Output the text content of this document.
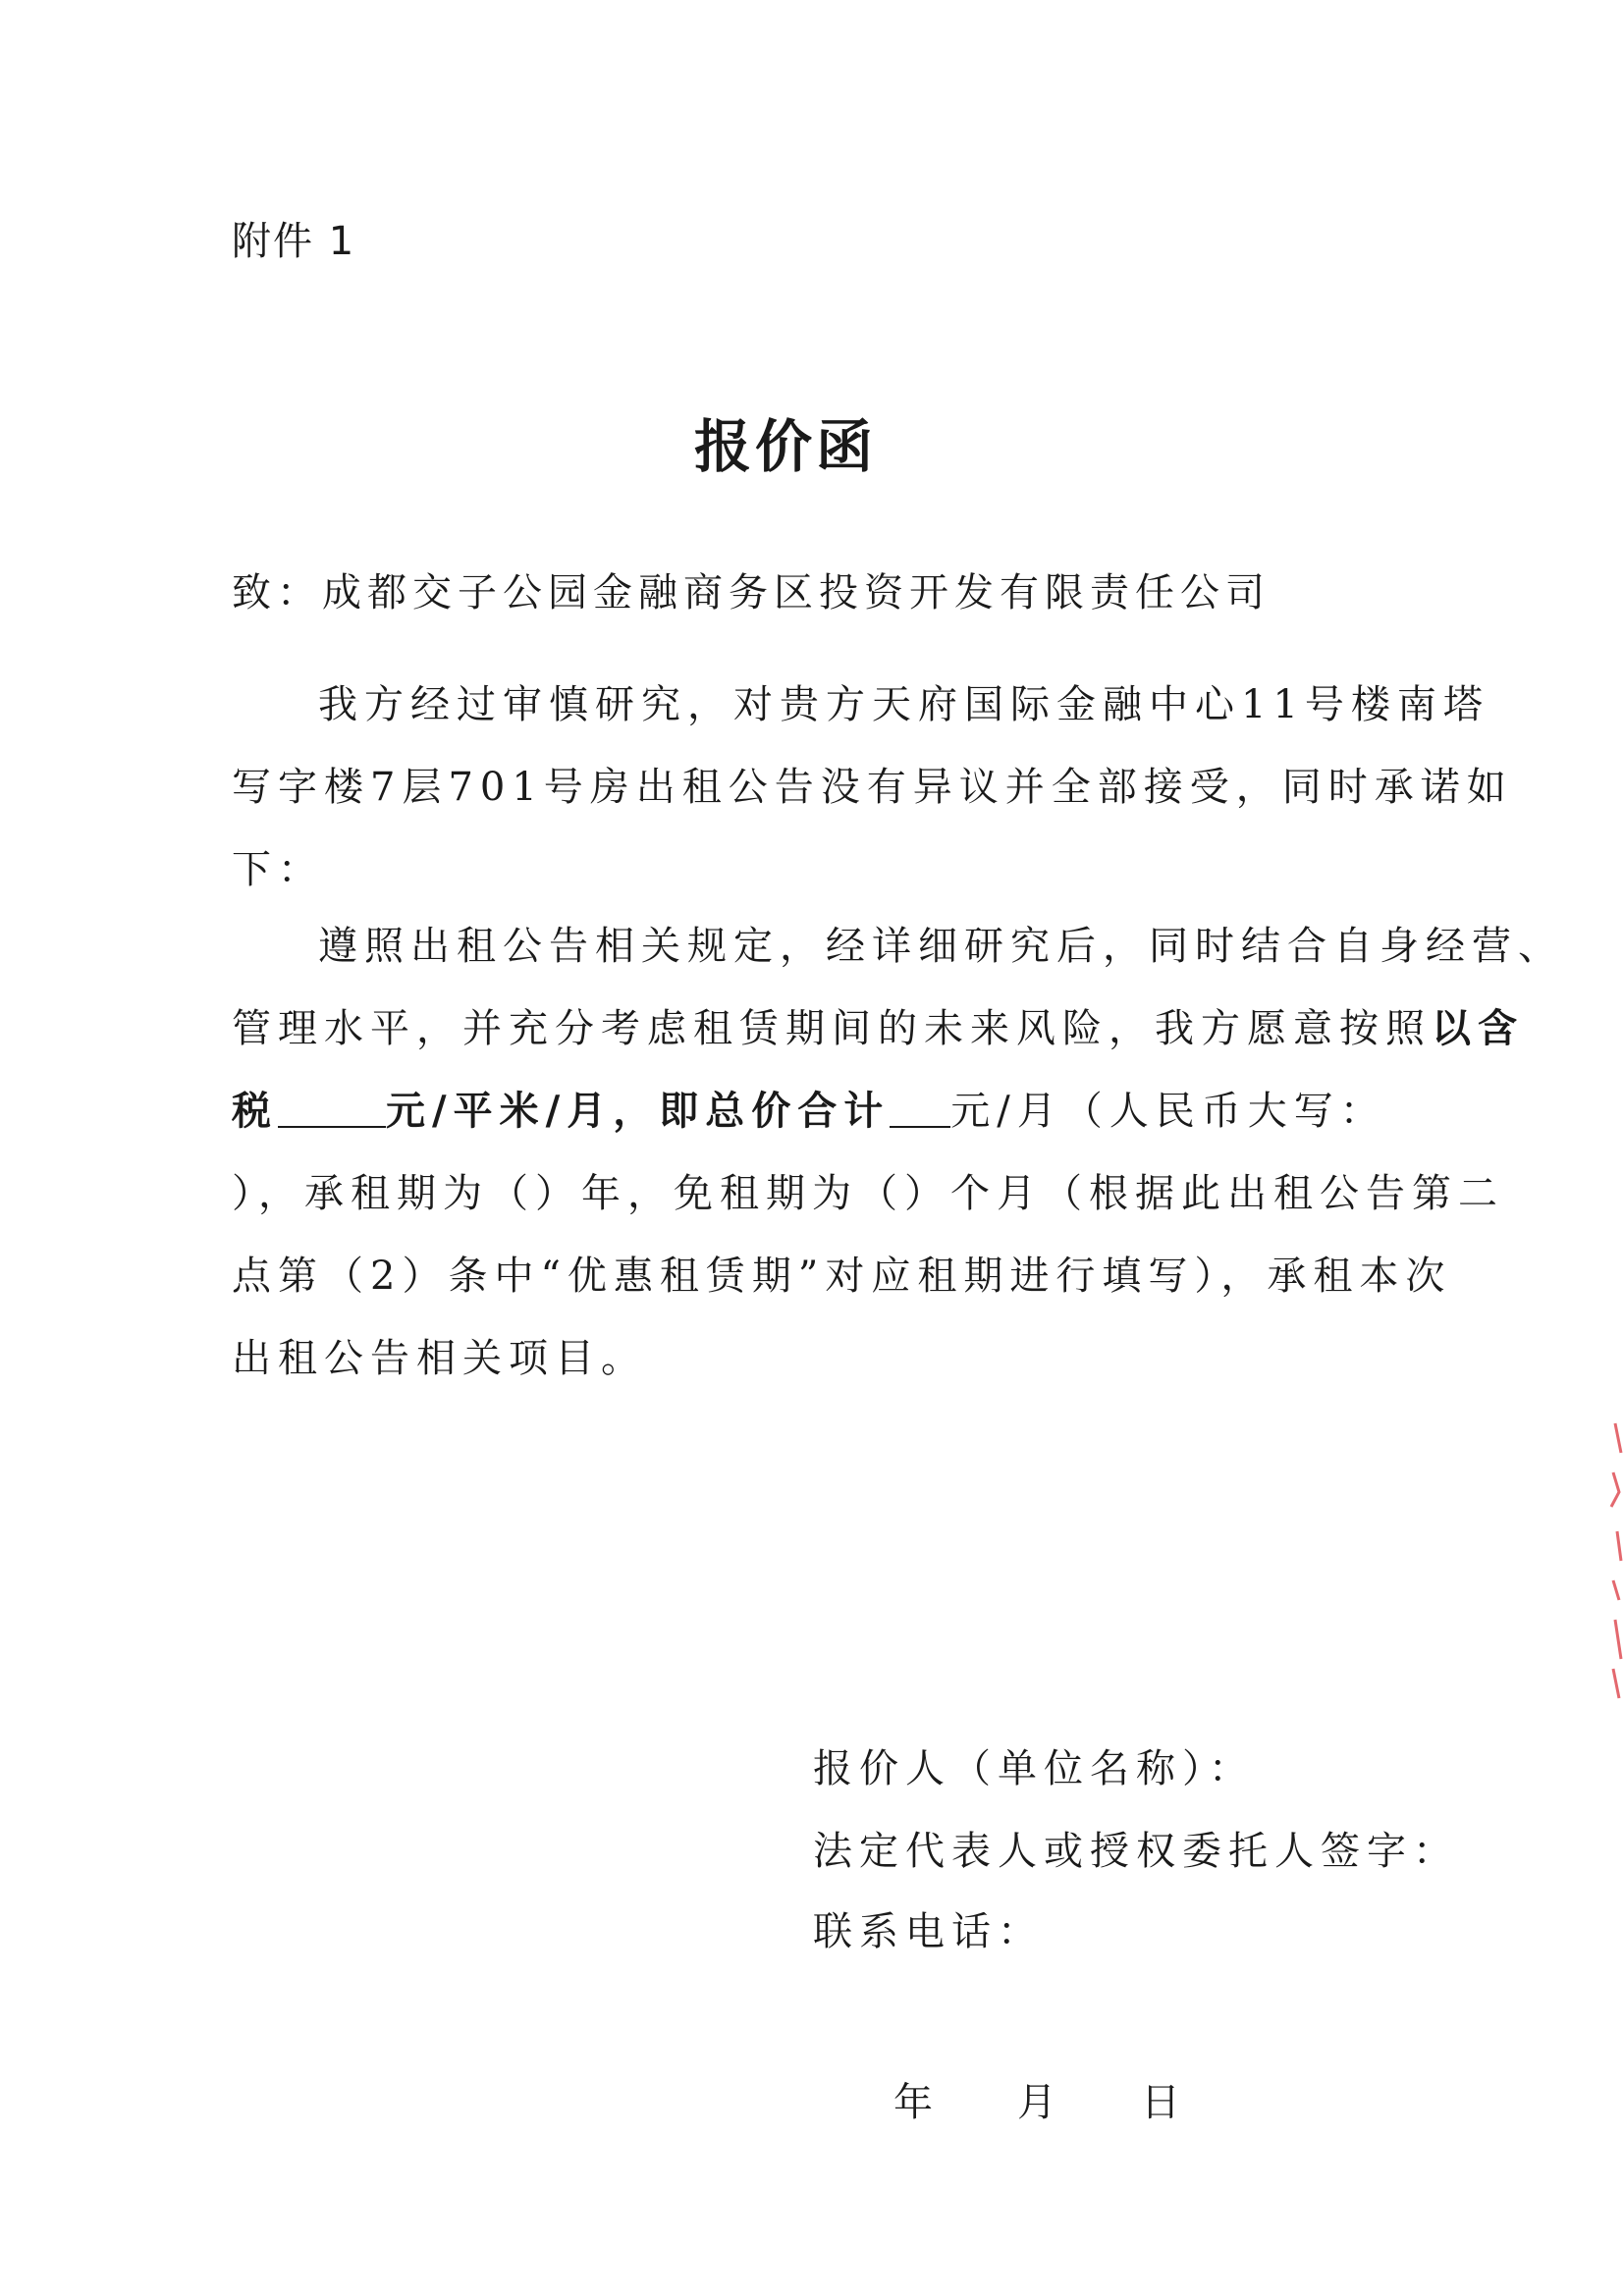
附件 1
报价函
致：成都交子公园金融商务区投资开发有限责任公司
我方经过审慎研究，对贵方天府国际金融中心11号楼南塔
写字楼7层701号房出租公告没有异议并全部接受，同时承诺如
下：
遵照出租公告相关规定，经详细研究后，同时结合自身经营、
管理水平，并充分考虑租赁期间的未来风险，我方愿意按照以含
税	元/平米/月，即总价合计 元/月（人民币大写：
），承租期为（）年，免租期为（）个月（根据此出租公告第二
点第（2）条中“优惠租赁期”对应租期进行填写），承租本次
出租公告相关项目。
报价人（单位名称）：
法定代表人或授权委托人签字：
联系电话：
年 月 日
